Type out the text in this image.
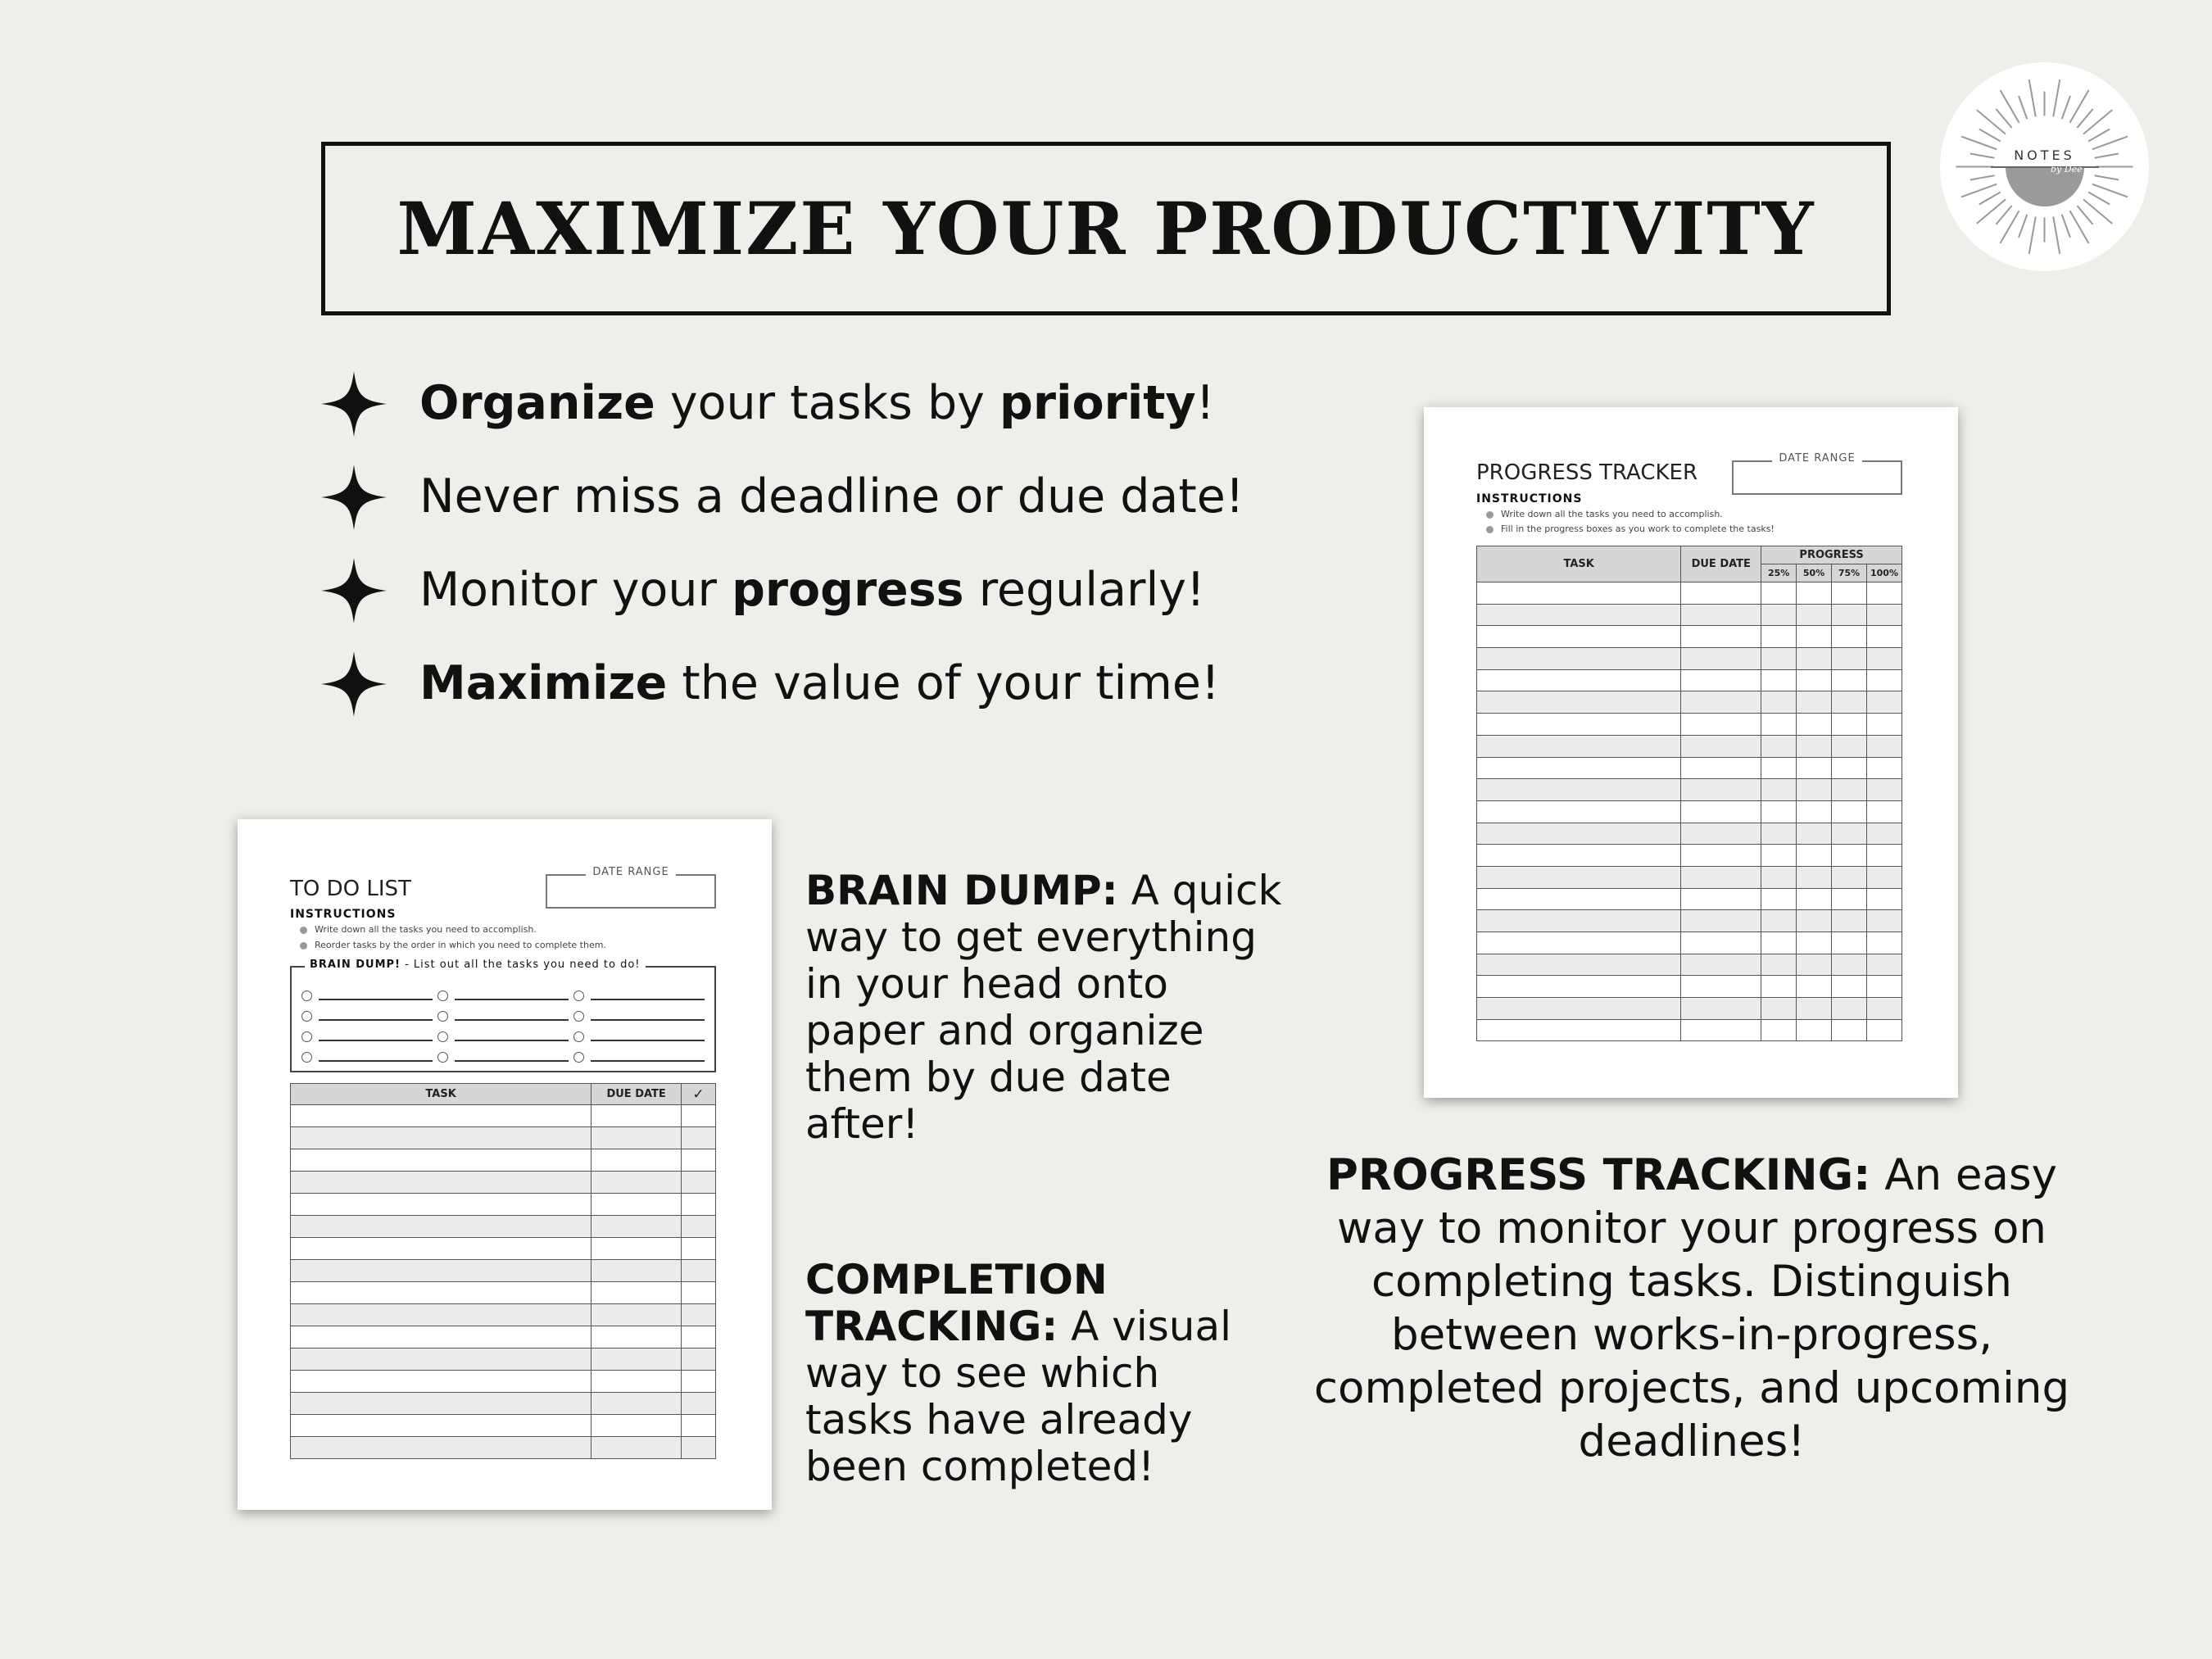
MAXIMIZE YOUR PRODUCTIVITY
NOTES
by Dee
Organize your tasks by priority!
Never miss a deadline or due date!
Monitor your progress regularly!
Maximize the value of your time!
TO DO LIST
DATE RANGE
INSTRUCTIONS
Write down all the tasks you need to accomplish.
Reorder tasks by the order in which you need to complete them.
BRAIN DUMP! - List out all the tasks you need to do!
TASK	DUE DATE	✓

PROGRESS TRACKER
DATE RANGE
INSTRUCTIONS
Write down all the tasks you need to accomplish.
Fill in the progress boxes as you work to complete the tasks!
TASK	DUE DATE	PROGRESS			
		25%	50%	75%	100%

BRAIN DUMP: A quick way to get everything in your head onto paper and organize them by due date after!
COMPLETION TRACKING: A visual way to see which tasks have already been completed!
PROGRESS TRACKING: An easy way to monitor your progress on completing tasks. Distinguish between works-in-progress, completed projects, and upcoming deadlines!
